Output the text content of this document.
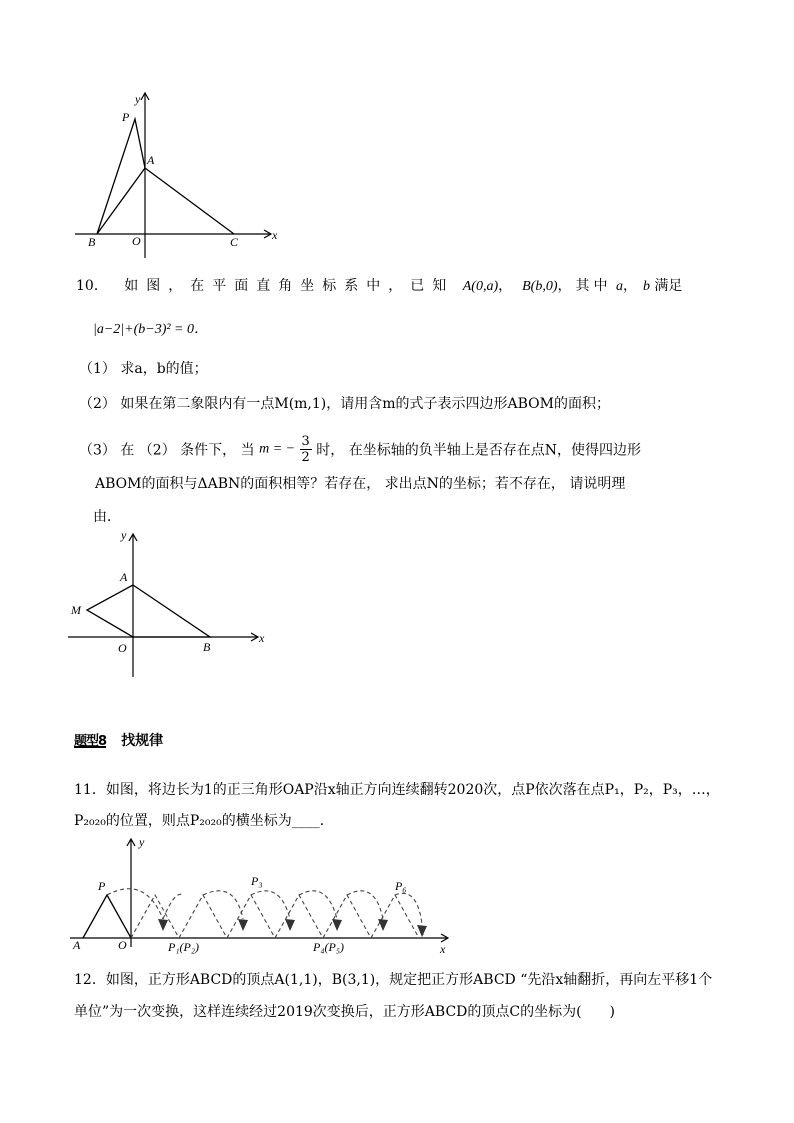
y
x
P
A
B	O	C
10． 如图，在平面直角坐标系中，已知 A(0,a)， B(b,0)，其中 a， b 满足
|a−2|+(b−3)² = 0．
（1） 求a，b的值；
（2） 如果在第二象限内有一点M(m,1)，请用含m的式子表示四边形ABOM的面积；
（3） 在 （2） 条件下， 当 m = − $\frac{3}{2}$ 时， 在坐标轴的负半轴上是否存在点N，使得四边形
ABOM的面积与ΔABN的面积相等？若存在， 求出点N的坐标；若不存在， 请说明理
由．
y
x
A
M
O	B
题型8 找规律
11．如图，将边长为1的正三角形OAP沿x轴正方向连续翻转2020次，点P依次落在点P₁，P₂，P₃，…，
P₂₀₂₀的位置，则点P₂₀₂₀的横坐标为____．
y
x
P
A	O
P₃	P₆
P₁(P₂)	P₄(P₅)
12．如图，正方形ABCD的顶点A(1,1)，B(3,1)，规定把正方形ABCD “先沿x轴翻折，再向左平移1个
单位”为一次变换，这样连续经过2019次变换后，正方形ABCD的顶点C的坐标为(　　)
